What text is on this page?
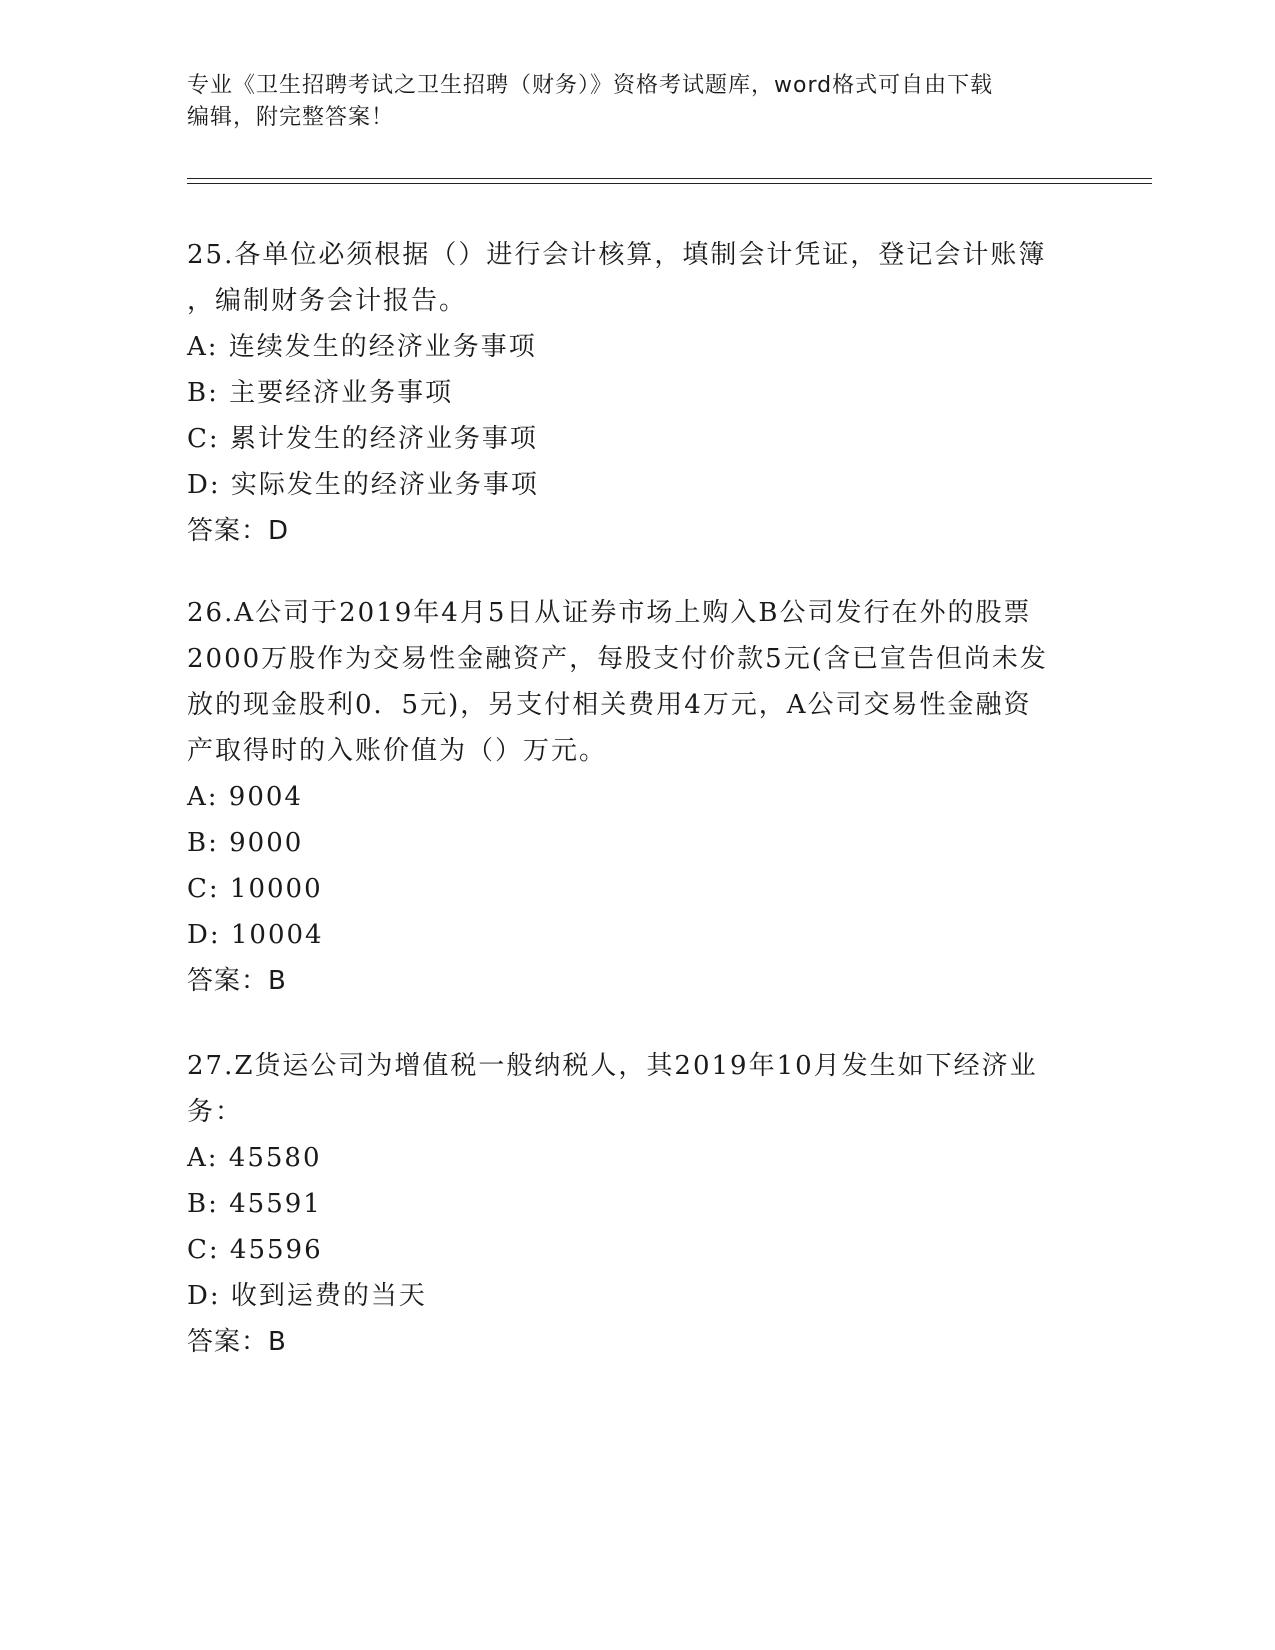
专业《卫生招聘考试之卫生招聘（财务）》资格考试题库，word格式可自由下载
编辑，附完整答案！
25.各单位必须根据（）进行会计核算，填制会计凭证，登记会计账簿
，编制财务会计报告。
A: 连续发生的经济业务事项
B: 主要经济业务事项
C: 累计发生的经济业务事项
D: 实际发生的经济业务事项
答案：D
26.A公司于2019年4月5日从证券市场上购入B公司发行在外的股票
2000万股作为交易性金融资产，每股支付价款5元(含已宣告但尚未发
放的现金股利0．5元)，另支付相关费用4万元，A公司交易性金融资
产取得时的入账价值为（）万元。
A: 9004
B: 9000
C: 10000
D: 10004
答案：B
27.Z货运公司为增值税一般纳税人，其2019年10月发生如下经济业
务：
A: 45580
B: 45591
C: 45596
D: 收到运费的当天
答案：B
